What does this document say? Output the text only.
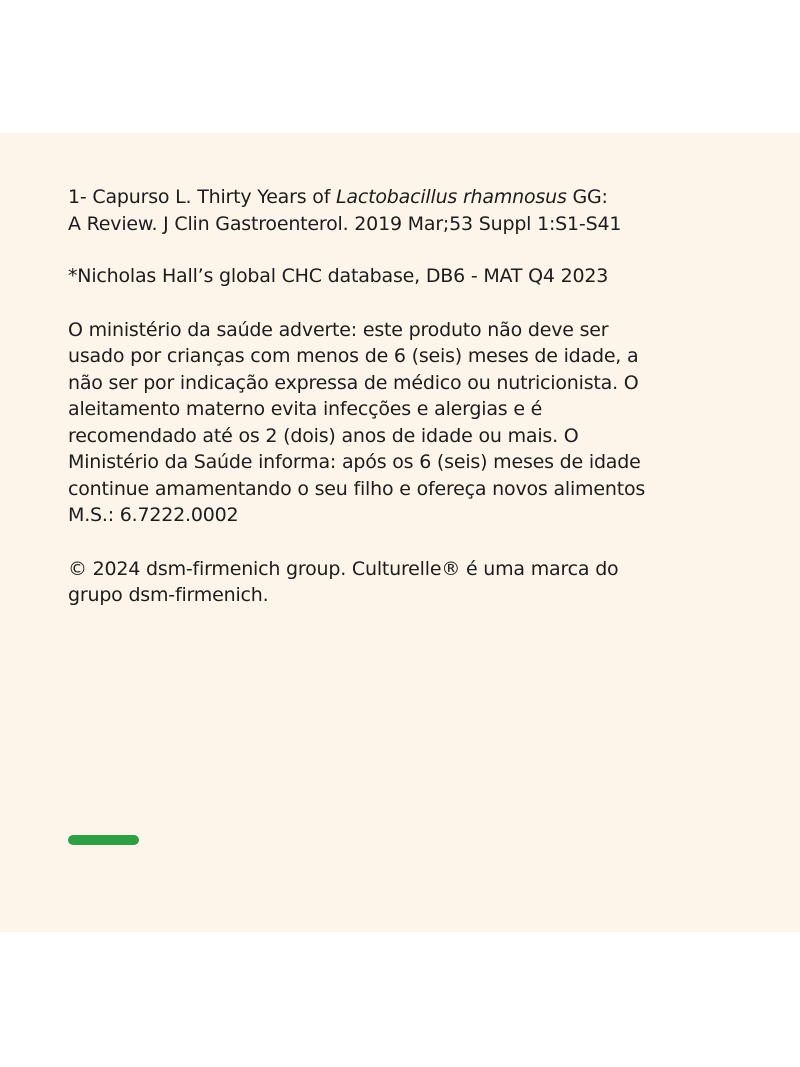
1- Capurso L. Thirty Years of Lactobacillus rhamnosus GG:
A Review. J Clin Gastroenterol. 2019 Mar;53 Suppl 1:S1-S41

*Nicholas Hall’s global CHC database, DB6 - MAT Q4 2023

O ministério da saúde adverte: este produto não deve ser
usado por crianças com menos de 6 (seis) meses de idade, a
não ser por indicação expressa de médico ou nutricionista. O
aleitamento materno evita infecções e alergias e é
recomendado até os 2 (dois) anos de idade ou mais. O
Ministério da Saúde informa: após os 6 (seis) meses de idade
continue amamentando o seu filho e ofereça novos alimentos
M.S.: 6.7222.0002

© 2024 dsm-firmenich group. Culturelle® é uma marca do
grupo dsm-firmenich.
